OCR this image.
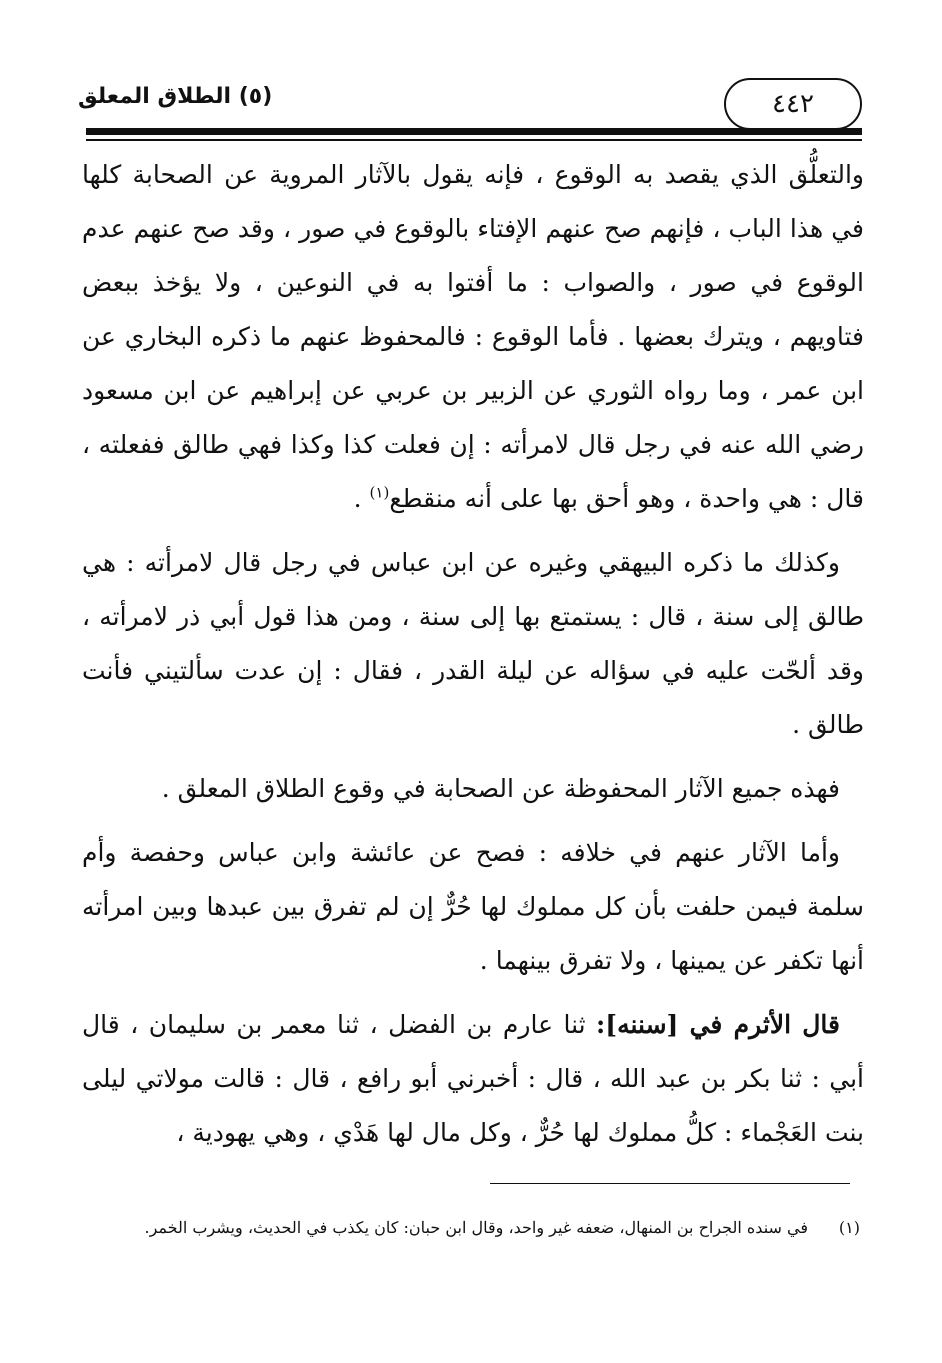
(٥) الطلاق المعلق	٤٤٢

والتعلُّق الذي يقصد به الوقوع ، فإنه يقول بالآثار المروية عن الصحابة كلها في هذا الباب ، فإنهم صح عنهم الإفتاء بالوقوع في صور ، وقد صح عنهم عدم الوقوع في صور ، والصواب : ما أفتوا به في النوعين ، ولا يؤخذ ببعض فتاويهم ، ويترك بعضها . فأما الوقوع : فالمحفوظ عنهم ما ذكره البخاري عن ابن عمر ، وما رواه الثوري عن الزبير بن عربي عن إبراهيم عن ابن مسعود رضي الله عنه في رجل قال لامرأته : إن فعلت كذا وكذا فهي طالق ففعلته ، قال : هي واحدة ، وهو أحق بها على أنه منقطع$^{(١)}$ .

وكذلك ما ذكره البيهقي وغيره عن ابن عباس في رجل قال لامرأته : هي طالق إلى سنة ، قال : يستمتع بها إلى سنة ، ومن هذا قول أبي ذر لامرأته ، وقد ألحّت عليه في سؤاله عن ليلة القدر ، فقال : إن عدت سألتيني فأنت طالق .

فهذه جميع الآثار المحفوظة عن الصحابة في وقوع الطلاق المعلق .

وأما الآثار عنهم في خلافه : فصح عن عائشة وابن عباس وحفصة وأم سلمة فيمن حلفت بأن كل مملوك لها حُرٌّ إن لم تفرق بين عبدها وبين امرأته أنها تكفر عن يمينها ، ولا تفرق بينهما .

قال الأثرم في [سننه]: ثنا عارم بن الفضل ، ثنا معمر بن سليمان ، قال أبي : ثنا بكر بن عبد الله ، قال : أخبرني أبو رافع ، قال : قالت مولاتي ليلى بنت العَجْماء : كلُّ مملوك لها حُرٌّ ، وكل مال لها هَدْي ، وهي يهودية ،

(١)
في سنده الجراح بن المنهال، ضعفه غير واحد، وقال ابن حبان: كان يكذب في الحديث، ويشرب الخمر.
